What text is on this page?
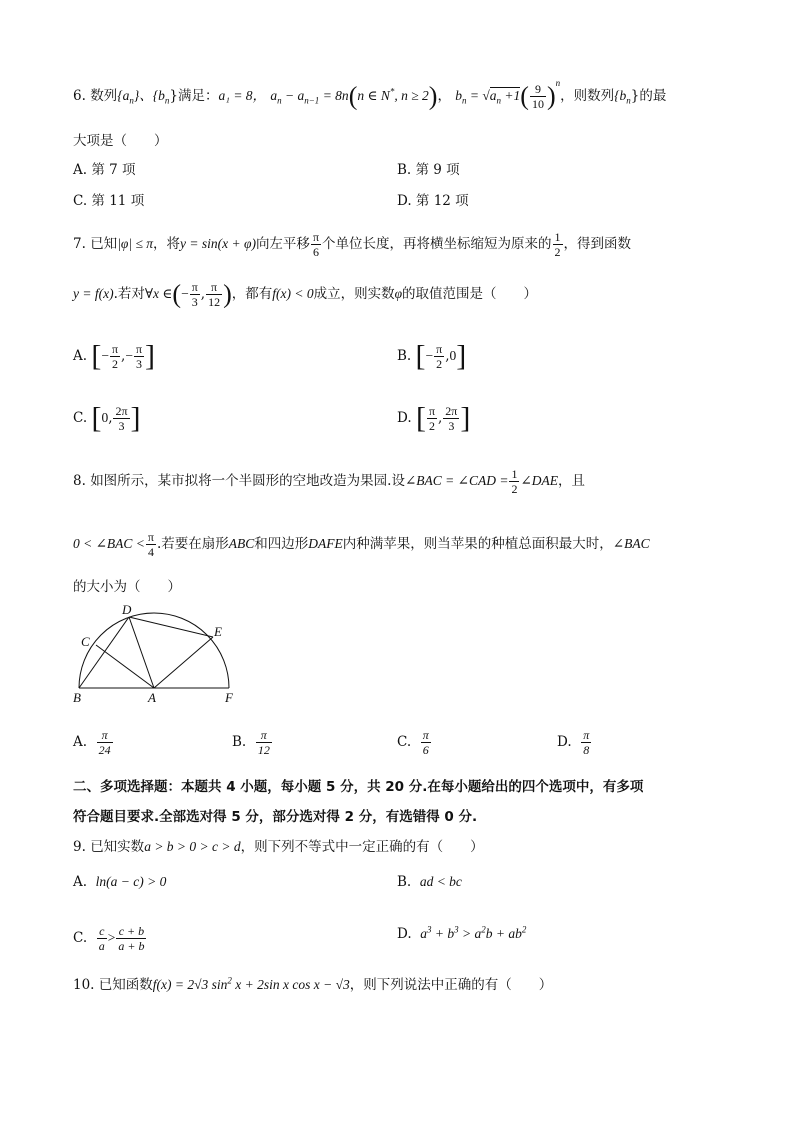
6. 数列$\{a_n\}$、$\{b_n\}$满足：a₁ = 8， $a_n - a_{n-1} = 8n(n$ ∈ N*, n ≥ 2)， $b_n = √a_n +1( \frac{9}{10} )^n$，则数列$\{b_n\}$的最
大项是（　　）
A. 第 7 项	B. 第 9 项
C. 第 11 项	D. 第 12 项
7. 已知|φ| ≤ π，将y = sin(x + φ)向左平移 $\frac{\pi}{6}$ 个单位长度，再将横坐标缩短为原来的 $\frac{1}{2}$ ，得到函数
y = f(x).若对∀x ∈(− $\frac{\pi}{3}$ , $\frac{\pi}{12}$ )，都有f(x) < 0成立，则实数φ的取值范围是（　　）
A. [− $\frac{\pi}{2}$ ,− $\frac{\pi}{3}$ ]	B. [− $\frac{\pi}{2} ,0$]
C. [0, $\frac{2\pi}{3}$ ]	D. [ $\frac{\pi}{2}$ , $\frac{2\pi}{3}$ ]
8. 如图所示，某市拟将一个半圆形的空地改造为果园.设∠BAC = ∠CAD = $\frac{1}{2}$ ∠DAE，且
0 < ∠BAC < $\frac{\pi}{4}$ .若要在扇形ABC和四边形DAFE内种满苹果，则当苹果的种植总面积最大时，∠BAC
的大小为（　　）
B	A	F
C
D
E
A. $\frac{\pi}{24}$	B. $\frac{\pi}{12}$	C. $\frac{\pi}{6}$	D. $\frac{\pi}{8}$
二、多项选择题：本题共 4 小题，每小题 5 分，共 20 分.在每小题给出的四个选项中，有多项
符合题目要求.全部选对得 5 分，部分选对得 2 分，有选错得 0 分.
9. 已知实数a > b > 0 > c > d，则下列不等式中一定正确的有（　　）
A. ln(a − c) > 0	B. ad < bc
C. $\frac{c}{a} > \frac{c + b}{a + b}$	D. $a^3 + b^3 > a^2b + ab^2$
10. 已知函数f(x) = 2√3 $\sin^2 x + 2\sin$ x cos x − √3，则下列说法中正确的有（　　）
